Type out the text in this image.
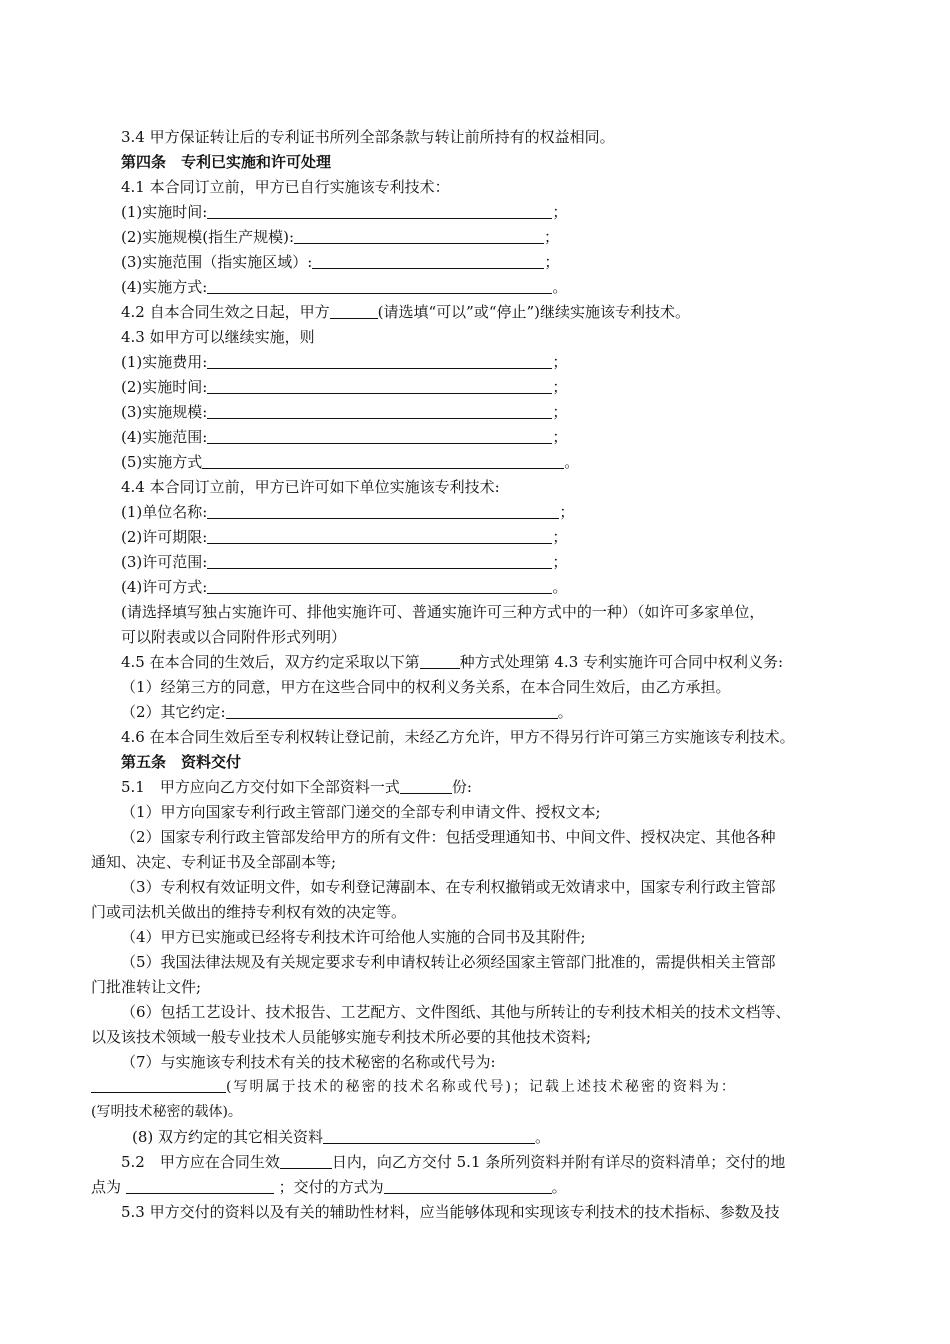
3.4 甲方保证转让后的专利证书所列全部条款与转让前所持有的权益相同。
第四条　专利已实施和许可处理
4.1 本合同订立前，甲方已自行实施该专利技术：
(1)实施时间:	；
(2)实施规模(指生产规模):	；
(3)实施范围（指实施区域）:	；
(4)实施方式:	。
4.2 自本合同生效之日起，甲方	(请选填“可以”或“停止”)继续实施该专利技术。
4.3 如甲方可以继续实施，则
(1)实施费用:	；
(2)实施时间:	；
(3)实施规模:	；
(4)实施范围:	；
(5)实施方式	。
4.4 本合同订立前，甲方已许可如下单位实施该专利技术:
(1)单位名称:	；
(2)许可期限:	；
(3)许可范围:	；
(4)许可方式:	。
(请选择填写独占实施许可、排他实施许可、普通实施许可三种方式中的一种）（如许可多家单位，
可以附表或以合同附件形式列明）
4.5 在本合同的生效后，双方约定采取以下第	种方式处理第 4.3 专利实施许可合同中权利义务:
（1）经第三方的同意，甲方在这些合同中的权利义务关系，在本合同生效后，由乙方承担。
（2）其它约定:	。
4.6 在本合同生效后至专利权转让登记前，未经乙方允许，甲方不得另行许可第三方实施该专利技术。
第五条　资料交付
5.1　甲方应向乙方交付如下全部资料一式	份:
（1）甲方向国家专利行政主管部门递交的全部专利申请文件、授权文本;
（2）国家专利行政主管部发给甲方的所有文件：包括受理通知书、中间文件、授权决定、其他各种
通知、决定、专利证书及全部副本等;
（3）专利权有效证明文件，如专利登记薄副本、在专利权撤销或无效请求中，国家专利行政主管部
门或司法机关做出的维持专利权有效的决定等。
（4）甲方已实施或已经将专利技术许可给他人实施的合同书及其附件;
（5）我国法律法规及有关规定要求专利申请权转让必须经国家主管部门批准的，需提供相关主管部
门批准转让文件;
（6）包括工艺设计、技术报告、工艺配方、文件图纸、其他与所转让的专利技术相关的技术文档等、
以及该技术领域一般专业技术人员能够实施专利技术所必要的其他技术资料;
（7）与实施该专利技术有关的技术秘密的名称或代号为:
(写明属于技术的秘密的技术名称或代号)；记载上述技术秘密的资料为：
(写明技术秘密的载体)。
(8) 双方约定的其它相关资料	。
5.2　甲方应在合同生效	日内，向乙方交付 5.1 条所列资料并附有详尽的资料清单；交付的地
点为	；交付的方式为	。
5.3 甲方交付的资料以及有关的辅助性材料，应当能够体现和实现该专利技术的技术指标、参数及技
